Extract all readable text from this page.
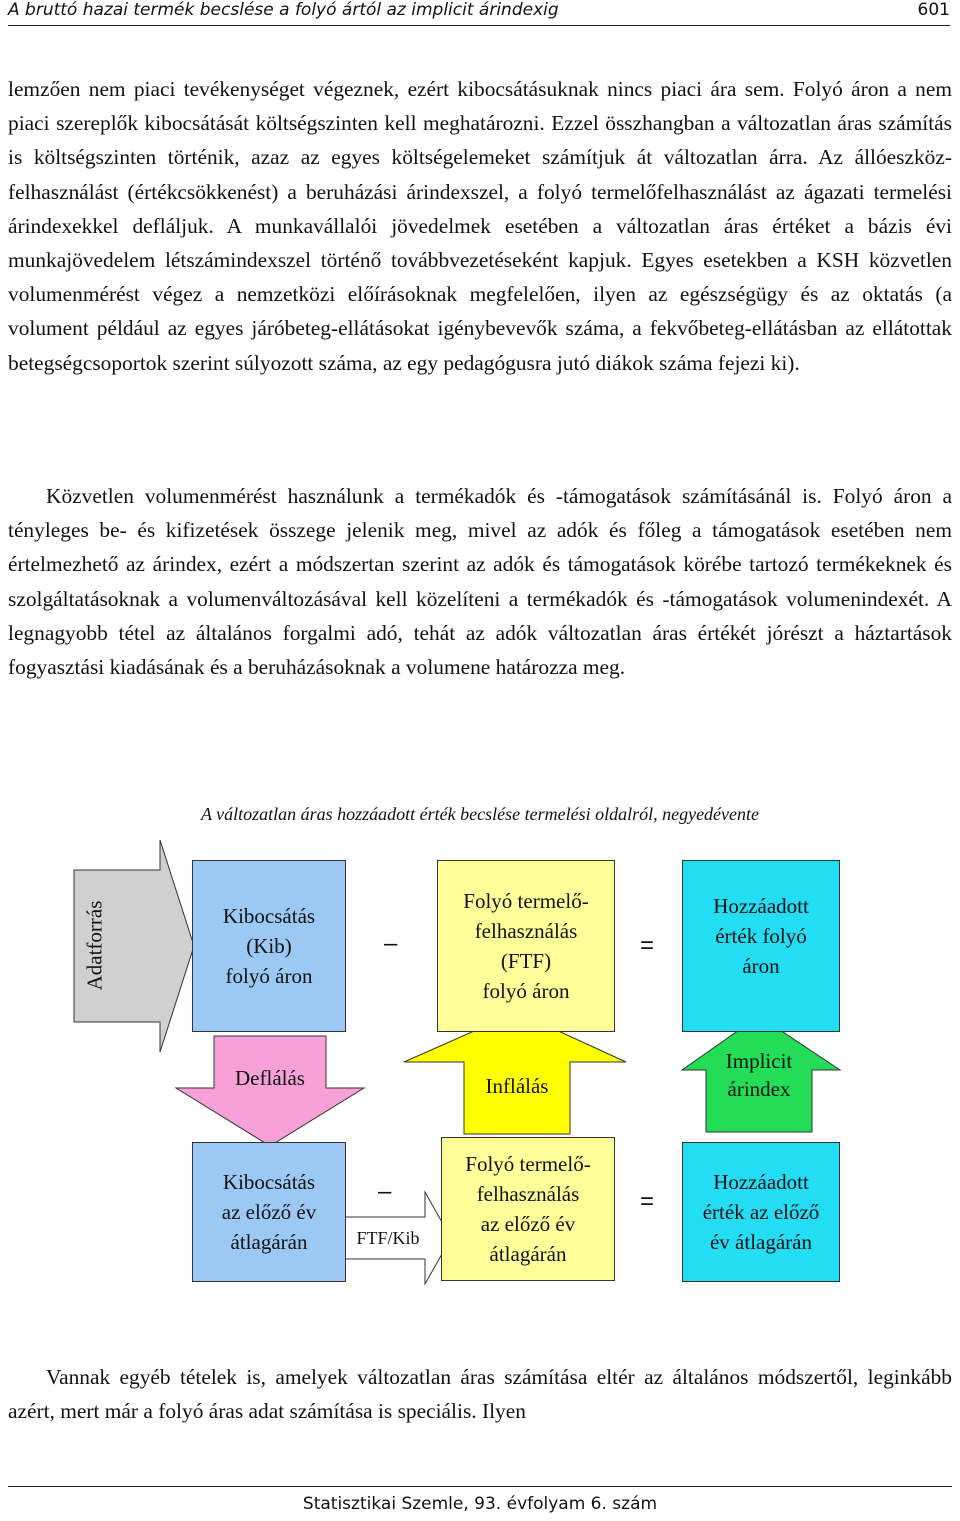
A bruttó hazai termék becslése a folyó ártól az implicit árindexig	601

lemzően nem piaci tevékenységet végeznek, ezért kibocsátásuknak nincs piaci ára sem. Folyó áron a nem piaci szereplők kibocsátását költségszinten kell meghatározni. Ezzel összhangban a változatlan áras számítás is költségszinten történik, azaz az egyes költségelemeket számítjuk át változatlan árra. Az állóeszköz-felhasználást (értékcsökkenést) a beruházási árindexszel, a folyó termelőfelhasználást az ágazati termelési árindexekkel defláljuk. A munkavállalói jövedelmek esetében a változatlan áras értéket a bázis évi munkajövedelem létszámindexszel történő továbbvezetéseként kapjuk. Egyes esetekben a KSH közvetlen volumenmérést végez a nemzetközi előírásoknak megfelelően, ilyen az egészségügy és az oktatás (a volument például az egyes járóbeteg-ellátásokat igénybevevők száma, a fekvőbeteg-ellátásban az ellátottak betegségcsoportok szerint súlyozott száma, az egy pedagógusra jutó diákok száma fejezi ki).

Közvetlen volumenmérést használunk a termékadók és -támogatások számításánál is. Folyó áron a tényleges be- és kifizetések összege jelenik meg, mivel az adók és főleg a támogatások esetében nem értelmezhető az árindex, ezért a módszertan szerint az adók és támogatások körébe tartozó termékeknek és szolgáltatásoknak a volumenváltozásával kell közelíteni a termékadók és -támogatások volumenindexét. A legnagyobb tétel az általános forgalmi adó, tehát az adók változatlan áras értékét jórészt a háztartások fogyasztási kiadásának és a beruházásoknak a volumene határozza meg.

A változatlan áras hozzáadott érték becslése termelési oldalról, negyedévente
Adatforrás	Kibocsátás
(Kib)
folyó áron
–
Folyó termelő-
felhasználás
(FTF)
folyó áron
=
Hozzáadott
érték folyó
áron
Deflálás	Inflálás
Implicit
árindex
Kibocsátás
az előző év
átlagárán
–
FTF/Kib
Folyó termelő-
felhasználás
az előző év
átlagárán
=
Hozzáadott
érték az előző
év átlagárán

Vannak egyéb tételek is, amelyek változatlan áras számítása eltér az általános módszertől, leginkább azért, mert már a folyó áras adat számítása is speciális. Ilyen

Statisztikai Szemle, 93. évfolyam 6. szám
